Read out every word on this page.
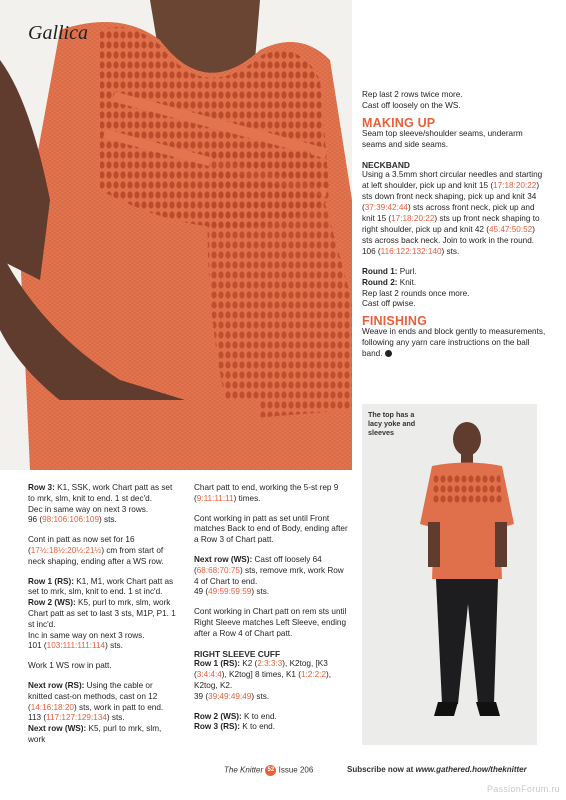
Gallica
Rep last 2 rows twice more.
Cast off loosely on the WS.
MAKING UP
Seam top sleeve/shoulder seams, underarm seams and side seams.
NECKBAND
Using a 3.5mm short circular needles and starting at left shoulder, pick up and knit 15 (17:18:20:22) sts down front neck shaping, pick up and knit 34 (37:39:42:44) sts across front neck, pick up and knit 15 (17:18:20:22) sts up front neck shaping to right shoulder, pick up and knit 42 (45:47:50:52) sts across back neck. Join to work in the round. 106 (116:122:132:140) sts.
Round 1: Purl.
Round 2: Knit.
Rep last 2 rounds once more.
Cast off pwise.
FINISHING
Weave in ends and block gently to measurements, following any yarn care instructions on the ball band.
The top has a lacy yoke and sleeves
Row 3: K1, SSK, work Chart patt as set to mrk, slm, knit to end. 1 st dec'd.
Dec in same way on next 3 rows.
96 (98:106:106:109) sts.
Cont in patt as now set for 16 (17½:18½:20½:21½) cm from start of neck shaping, ending after a WS row.
Row 1 (RS): K1, M1, work Chart patt as set to mrk, slm, knit to end. 1 st inc'd.
Row 2 (WS): K5, purl to mrk, slm, work Chart patt as set to last 3 sts, M1P, P1. 1 st inc'd.
Inc in same way on next 3 rows.
101 (103:111:111:114) sts.
Work 1 WS row in patt.
Next row (RS): Using the cable or knitted cast-on methods, cast on 12 (14:16:18:20) sts, work in patt to end.
113 (117:127:129:134) sts.
Next row (WS): K5, purl to mrk, slm, work
Chart patt to end, working the 5-st rep 9 (9:11:11:11) times.
Cont working in patt as set until Front matches Back to end of Body, ending after a Row 3 of Chart patt.
Next row (WS): Cast off loosely 64 (68:68:70:75) sts, remove mrk, work Row 4 of Chart to end.
49 (49:59:59:59) sts.
Cont working in Chart patt on rem sts until Right Sleeve matches Left Sleeve, ending after a Row 4 of Chart patt.
RIGHT SLEEVE CUFF
Row 1 (RS): K2 (2:3:3:3), K2tog, [K3 (3:4:4:4), K2tog] 8 times, K1 (1:2:2:2), K2tog, K2.
39 (39:49:49:49) sts.
Row 2 (WS): K to end.
Row 3 (RS): K to end.
The Knitter 52 Issue 206	Subscribe now at www.gathered.how/theknitter
PassionForum.ru
